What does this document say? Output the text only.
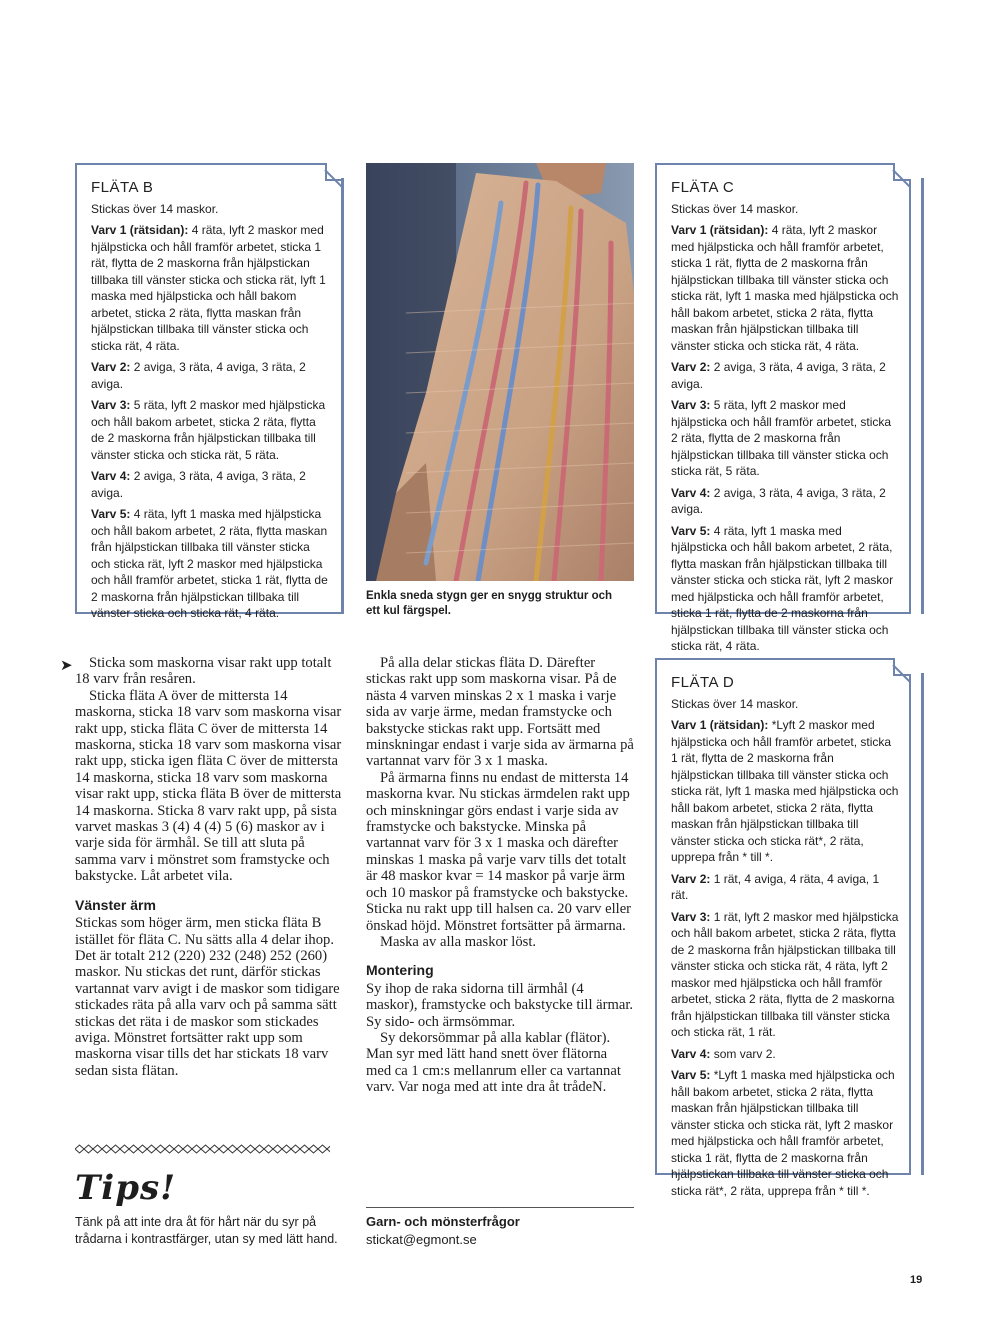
FLÄTA B

Stickas över 14 maskor.

Varv 1 (rätsidan): 4 räta, lyft 2 maskor med hjälpsticka och håll framför arbetet, sticka 1 rät, flytta de 2 maskorna från hjälpstickan tillbaka till vänster sticka och sticka rät, lyft 1 maska med hjälpsticka och håll bakom arbetet, sticka 2 räta, flytta maskan från hjälpstickan tillbaka till vänster sticka och sticka rät, 4 räta.

Varv 2: 2 aviga, 3 räta, 4 aviga, 3 räta, 2 aviga.

Varv 3: 5 räta, lyft 2 maskor med hjälpsticka och håll bakom arbetet, sticka 2 räta, flytta de 2 maskorna från hjälpstickan tillbaka till vänster sticka och sticka rät, 5 räta.

Varv 4: 2 aviga, 3 räta, 4 aviga, 3 räta, 2 aviga.

Varv 5: 4 räta, lyft 1 maska med hjälpsticka och håll bakom arbetet, 2 räta, flytta maskan från hjälpstickan tillbaka till vänster sticka och sticka rät, lyft 2 maskor med hjälpsticka och håll framför arbetet, sticka 1 rät, flytta de 2 maskorna från hjälpstickan tillbaka till vänster sticka och sticka rät, 4 räta.

Enkla sneda stygn ger en snygg struktur och ett kul färgspel.
FLÄTA C

Stickas över 14 maskor.

Varv 1 (rätsidan): 4 räta, lyft 2 maskor med hjälpsticka och håll framför arbetet, sticka 1 rät, flytta de 2 maskorna från hjälpstickan tillbaka till vänster sticka och sticka rät, lyft 1 maska med hjälpsticka och håll bakom arbetet, sticka 2 räta, flytta maskan från hjälpstickan tillbaka till vänster sticka och sticka rät, 4 räta.

Varv 2: 2 aviga, 3 räta, 4 aviga, 3 räta, 2 aviga.

Varv 3: 5 räta, lyft 2 maskor med hjälpsticka och håll framför arbetet, sticka 2 räta, flytta de 2 maskorna från hjälpstickan tillbaka till vänster sticka och sticka rät, 5 räta.

Varv 4: 2 aviga, 3 räta, 4 aviga, 3 räta, 2 aviga.

Varv 5: 4 räta, lyft 1 maska med hjälpsticka och håll bakom arbetet, 2 räta, flytta maskan från hjälpstickan tillbaka till vänster sticka och sticka rät, lyft 2 maskor med hjälpsticka och håll framför arbetet, sticka 1 rät, flytta de 2 maskorna från hjälpstickan tillbaka till vänster sticka och sticka rät, 4 räta.

➤	Sticka som maskorna visar rakt upp totalt 18 varv från resåren.

Sticka fläta A över de mittersta 14 maskorna, sticka 18 varv som maskorna visar rakt upp, sticka fläta C över de mittersta 14 maskorna, sticka 18 varv som maskorna visar rakt upp, sticka igen fläta C över de mittersta 14 maskorna, sticka 18 varv som maskorna visar rakt upp, sticka fläta B över de mittersta 14 maskorna. Sticka 8 varv rakt upp, på sista varvet maskas 3 (4) 4 (4) 5 (6) maskor av i varje sida för ärmhål. Se till att sluta på samma varv i mönstret som framstycke och bakstycke. Låt arbetet vila.

Vänster ärm

Stickas som höger ärm, men sticka fläta B istället för fläta C. Nu sätts alla 4 delar ihop. Det är totalt 212 (220) 232 (248) 252 (260) maskor. Nu stickas det runt, därför stickas vartannat varv avigt i de maskor som tidigare stickades räta på alla varv och på samma sätt stickas det räta i de maskor som stickades aviga. Mönstret fortsätter rakt upp som maskorna visar tills det har stickats 18 varv sedan sista flätan.

På alla delar stickas fläta D. Därefter stickas rakt upp som maskorna visar. På de nästa 4 varven minskas 2 x 1 maska i varje sida av varje ärme, medan framstycke och bakstycke stickas rakt upp. Fortsätt med minskningar endast i varje sida av ärmarna på vartannat varv för 3 x 1 maska.

På ärmarna finns nu endast de mittersta 14 maskorna kvar. Nu stickas ärmdelen rakt upp och minskningar görs endast i varje sida av framstycke och bakstycke. Minska på vartannat varv för 3 x 1 maska och därefter minskas 1 maska på varje varv tills det totalt är 48 maskor kvar = 14 maskor på varje ärm och 10 maskor på framstycke och bakstycke. Sticka nu rakt upp till halsen ca. 20 varv eller önskad höjd. Mönstret fortsätter på ärmarna.

Maska av alla maskor löst.

Montering

Sy ihop de raka sidorna till ärmhål (4 maskor), framstycke och bakstycke till ärmar. Sy sido- och ärmsömmar.

Sy dekorsömmar på alla kablar (flätor). Man syr med lätt hand snett över flätorna med ca 1 cm:s mellanrum eller ca vartannat varv. Var noga med att inte dra åt trådeN.

FLÄTA D

Stickas över 14 maskor.

Varv 1 (rätsidan): *Lyft 2 maskor med hjälpsticka och håll framför arbetet, sticka 1 rät, flytta de 2 maskorna från hjälpstickan tillbaka till vänster sticka och sticka rät, lyft 1 maska med hjälpsticka och håll bakom arbetet, sticka 2 räta, flytta maskan från hjälpstickan tillbaka till vänster sticka och sticka rät*, 2 räta, upprepa från * till *.

Varv 2: 1 rät, 4 aviga, 4 räta, 4 aviga, 1 rät.

Varv 3: 1 rät, lyft 2 maskor med hjälpsticka och håll bakom arbetet, sticka 2 räta, flytta de 2 maskorna från hjälpstickan tillbaka till vänster sticka och sticka rät, 4 räta, lyft 2 maskor med hjälpsticka och håll framför arbetet, sticka 2 räta, flytta de 2 maskorna från hjälpstickan tillbaka till vänster sticka och sticka rät, 1 rät.

Varv 4: som varv 2.

Varv 5: *Lyft 1 maska med hjälpsticka och håll bakom arbetet, sticka 2 räta, flytta maskan från hjälpstickan tillbaka till vänster sticka och sticka rät, lyft 2 maskor med hjälpsticka och håll framför arbetet, sticka 1 rät, flytta de 2 maskorna från hjälpstickan tillbaka till vänster sticka och sticka rät*, 2 räta, upprepa från * till *.

Tips!
Tänk på att inte dra åt för hårt när du syr på trådarna i kontrastfärger, utan sy med lätt hand.
Garn- och mönsterfrågor
stickat@egmont.se
19
